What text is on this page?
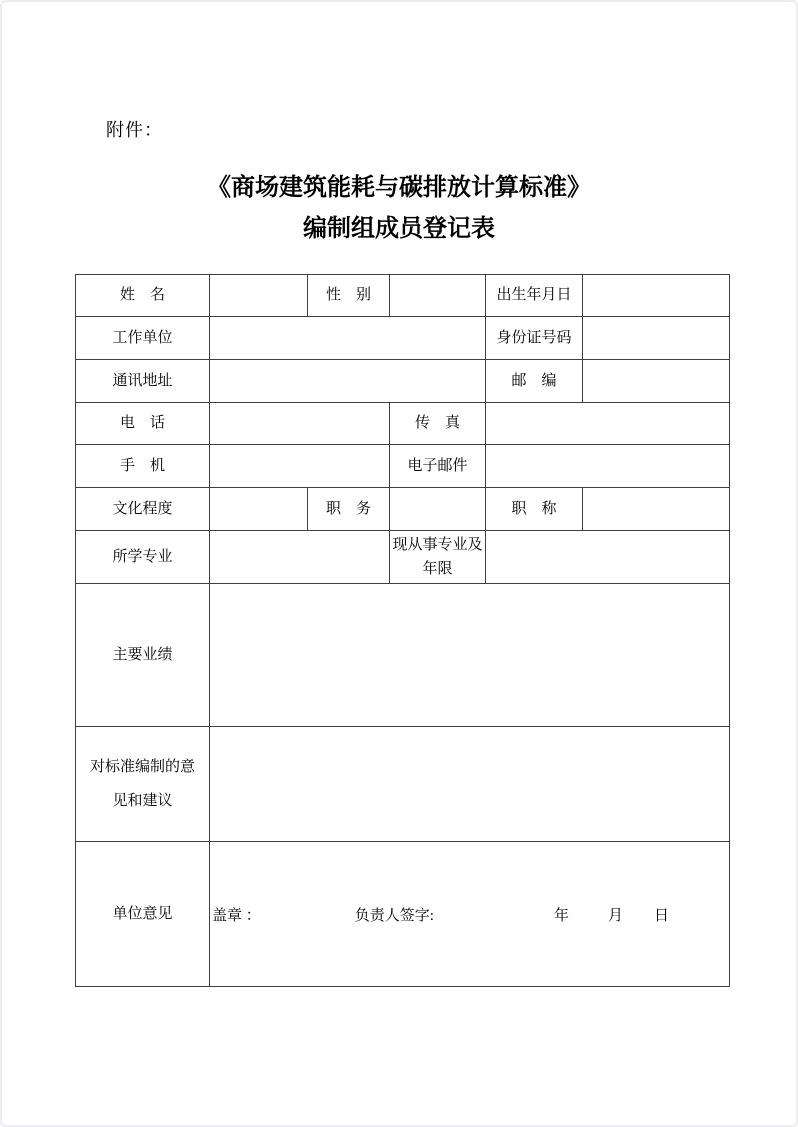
附件：
《商场建筑能耗与碳排放计算标准》
编制组成员登记表
姓　名		性　别		出生年月日	
工作单位				身份证号码	
通讯地址				邮　编	
电　话			传　真		
手　机			电子邮件		
文化程度		职　务		职　称	
所学专业			现从事专业及年限		
主要业绩					
对标准编制的意见和建议					
单位意见	盖章 ： 负责人签字: 年 月 日				
